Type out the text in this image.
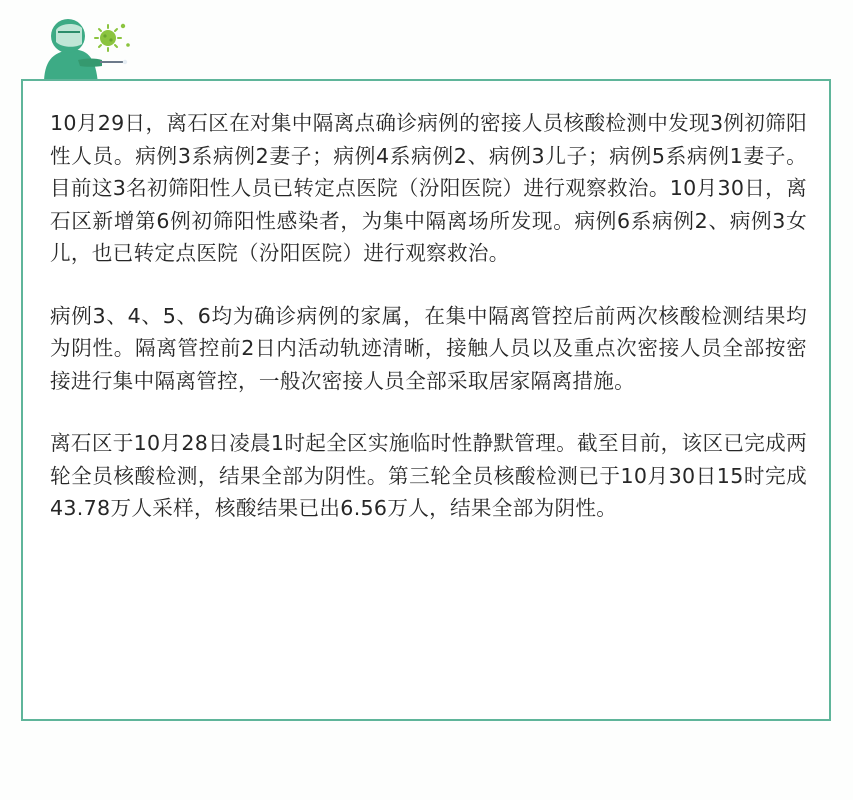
10月29日，离石区在对集中隔离点确诊病例的密接人员核酸检测中发现3例初筛阳性人员。病例3系病例2妻子；病例4系病例2、病例3儿子；病例5系病例1妻子。目前这3名初筛阳性人员已转定点医院（汾阳医院）进行观察救治。10月30日，离石区新增第6例初筛阳性感染者，为集中隔离场所发现。病例6系病例2、病例3女儿，也已转定点医院（汾阳医院）进行观察救治。

病例3、4、5、6均为确诊病例的家属，在集中隔离管控后前两次核酸检测结果均为阴性。隔离管控前2日内活动轨迹清晰，接触人员以及重点次密接人员全部按密接进行集中隔离管控，一般次密接人员全部采取居家隔离措施。

离石区于10月28日凌晨1时起全区实施临时性静默管理。截至目前，该区已完成两轮全员核酸检测，结果全部为阴性。第三轮全员核酸检测已于10月30日15时完成43.78万人采样，核酸结果已出6.56万人，结果全部为阴性。
